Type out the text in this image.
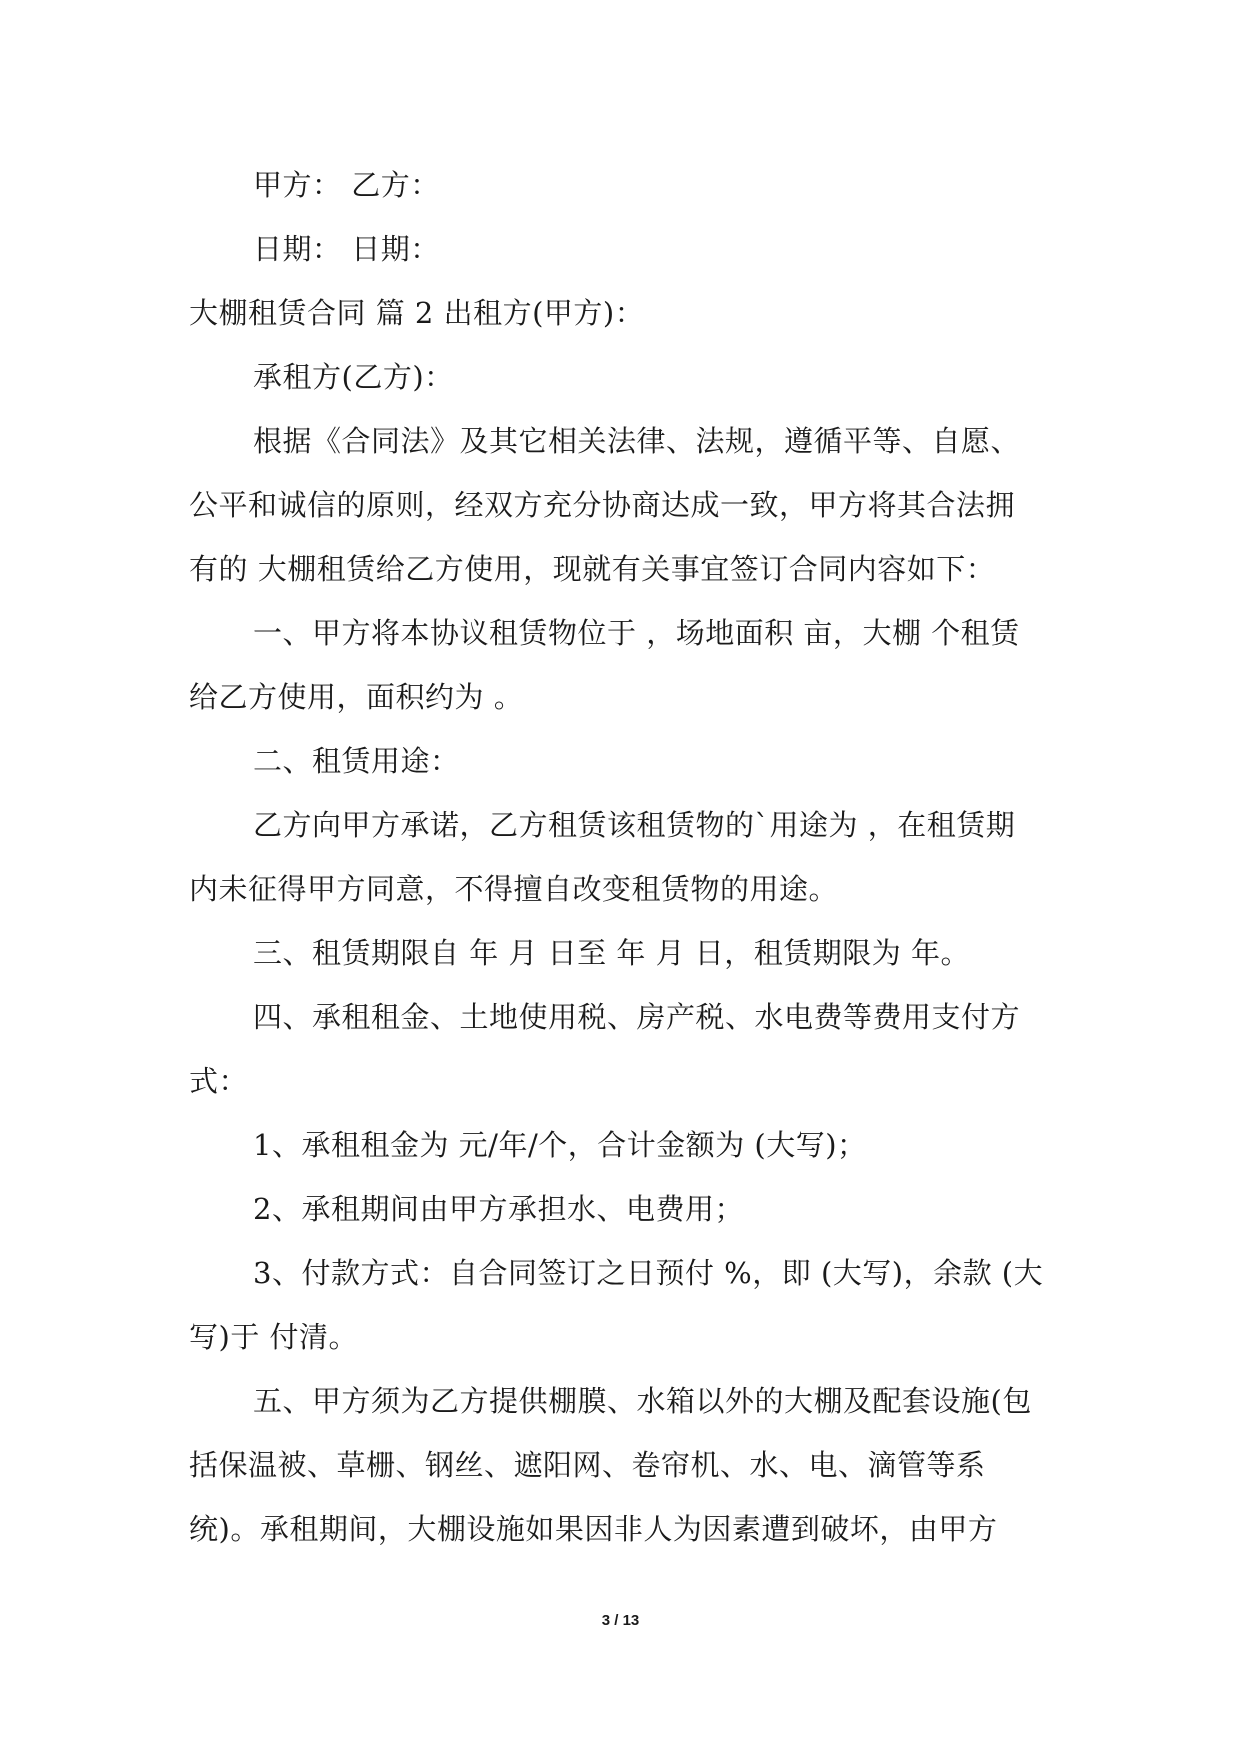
甲方： 乙方：
日期： 日期：
大棚租赁合同 篇 2 出租方(甲方)：
承租方(乙方)：
根据《合同法》及其它相关法律、法规，遵循平等、自愿、
公平和诚信的原则，经双方充分协商达成一致，甲方将其合法拥
有的 大棚租赁给乙方使用，现就有关事宜签订合同内容如下：
一、甲方将本协议租赁物位于 ，场地面积 亩，大棚 个租赁
给乙方使用，面积约为 。
二、租赁用途：
乙方向甲方承诺，乙方租赁该租赁物的`用途为 ，在租赁期
内未征得甲方同意，不得擅自改变租赁物的用途。
三、租赁期限自 年 月 日至 年 月 日，租赁期限为 年。
四、承租租金、土地使用税、房产税、水电费等费用支付方
式：
1、承租租金为 元/年/个，合计金额为 (大写)；
2、承租期间由甲方承担水、电费用；
3、付款方式：自合同签订之日预付 %，即 (大写)，余款 (大
写)于 付清。
五、甲方须为乙方提供棚膜、水箱以外的大棚及配套设施(包
括保温被、草栅、钢丝、遮阳网、卷帘机、水、电、滴管等系
统)。承租期间，大棚设施如果因非人为因素遭到破坏，由甲方
3 / 13
